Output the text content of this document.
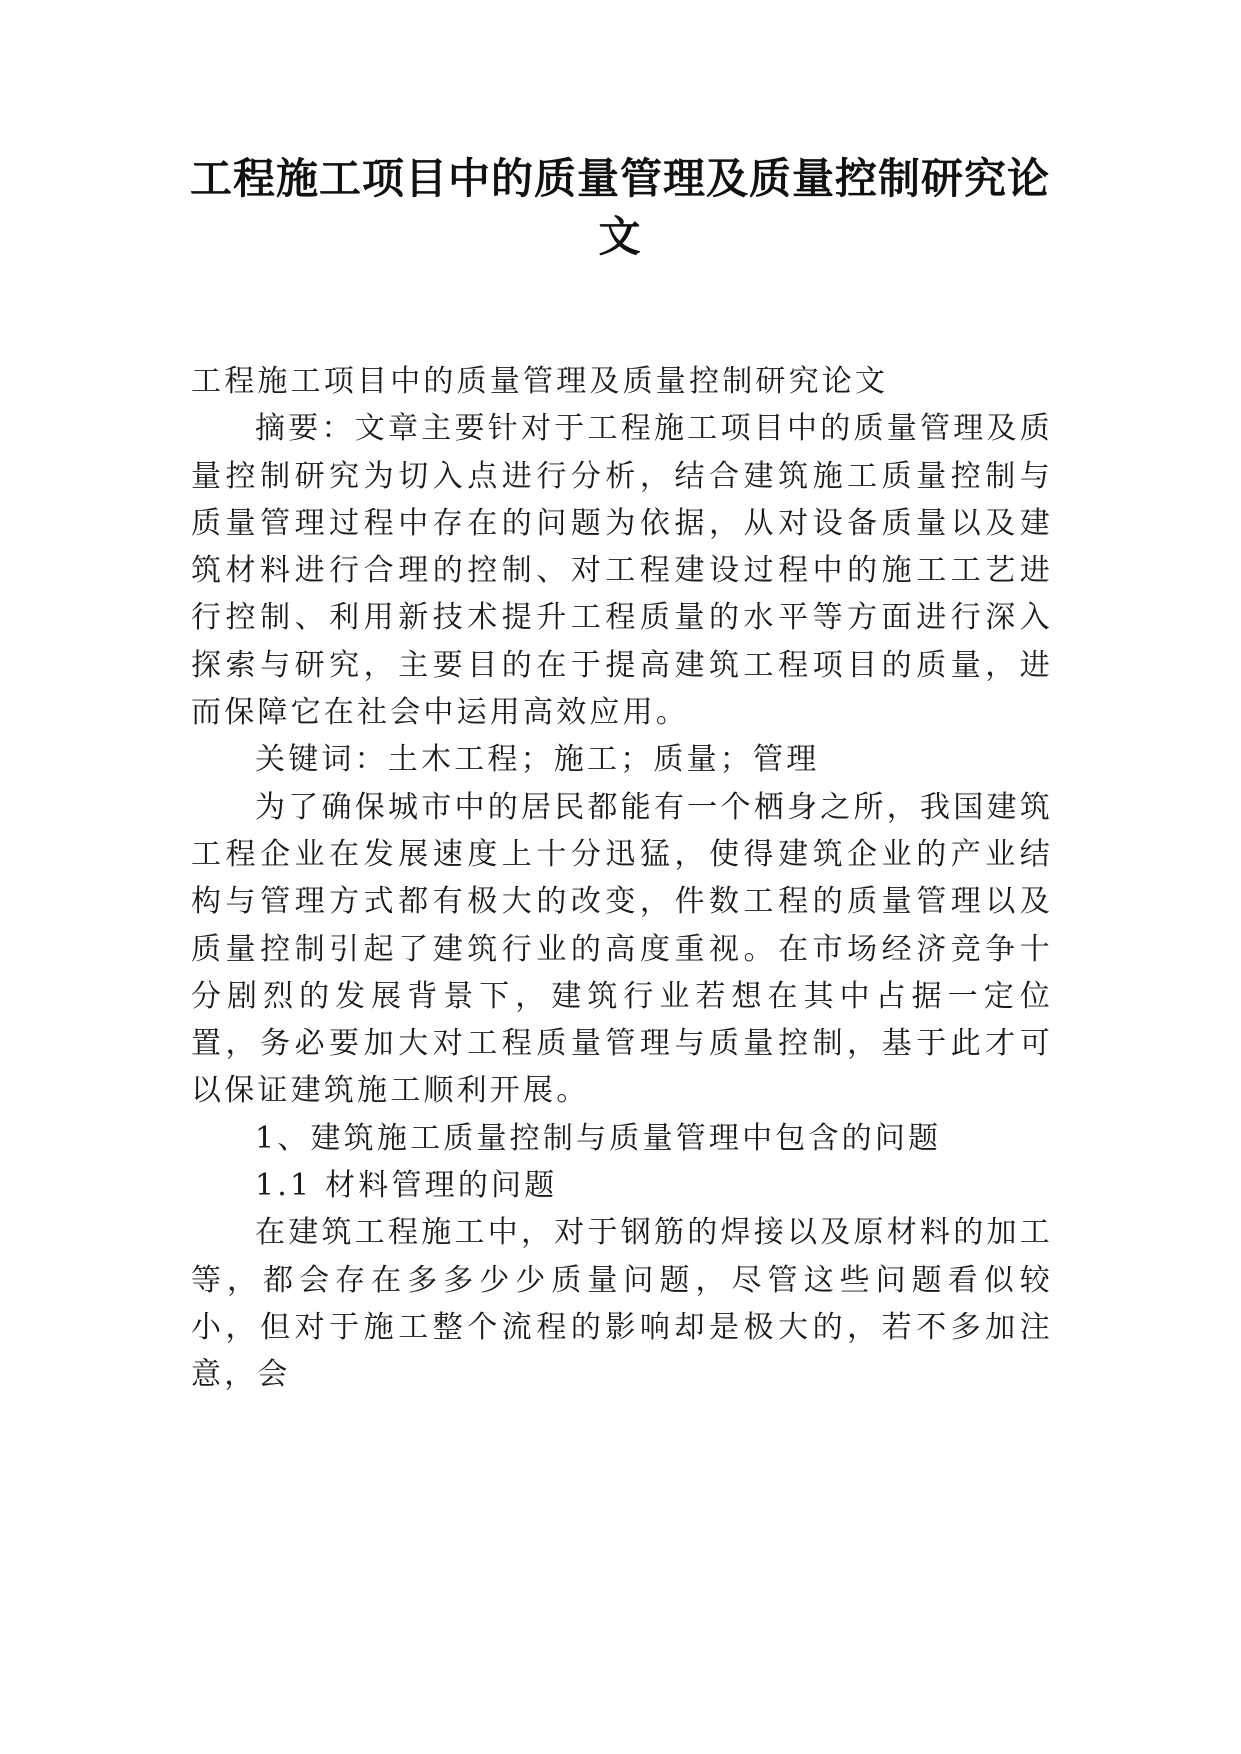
工程施工项目中的质量管理及质量控制研究论文

工程施工项目中的质量管理及质量控制研究论文

摘要：文章主要针对于工程施工项目中的质量管理及质量控制研究为切入点进行分析，结合建筑施工质量控制与质量管理过程中存在的问题为依据，从对设备质量以及建筑材料进行合理的控制、对工程建设过程中的施工工艺进行控制、利用新技术提升工程质量的水平等方面进行深入探索与研究，主要目的在于提高建筑工程项目的质量，进而保障它在社会中运用高效应用。

关键词：土木工程；施工；质量；管理

为了确保城市中的居民都能有一个栖身之所，我国建筑工程企业在发展速度上十分迅猛，使得建筑企业的产业结构与管理方式都有极大的改变，件数工程的质量管理以及质量控制引起了建筑行业的高度重视。在市场经济竞争十分剧烈的发展背景下，建筑行业若想在其中占据一定位置，务必要加大对工程质量管理与质量控制，基于此才可以保证建筑施工顺利开展。

1、建筑施工质量控制与质量管理中包含的问题

1.1 材料管理的问题

在建筑工程施工中，对于钢筋的焊接以及原材料的加工等，都会存在多多少少质量问题，尽管这些问题看似较小，但对于施工整个流程的影响却是极大的，若不多加注意，会
